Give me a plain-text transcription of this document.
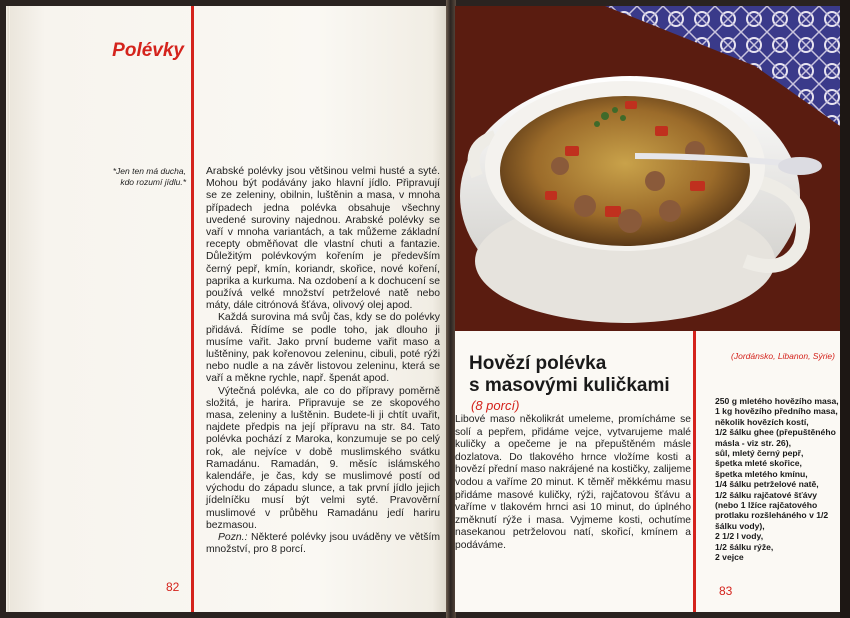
Polévky
*Jen ten má ducha, kdo rozumí jídlu.*

Arabské polévky jsou většinou velmi husté a syté. Mohou být podávány jako hlavní jídlo. Připravují se ze zeleniny, obilnin, luštěnin a masa, v mnoha případech jedna polévka obsahuje všechny uvedené suroviny najednou. Arabské polévky se vaří v mnoha variantách, a tak můžeme základní recepty obměňovat dle vlastní chuti a fantazie. Důležitým polévkovým kořením je především černý pepř, kmín, koriandr, skořice, nové koření, paprika a kurkuma. Na ozdobení a k dochucení se používá velké množství petrželové natě nebo máty, dále citrónová šťáva, olivový olej apod.

Každá surovina má svůj čas, kdy se do polévky přidává. Řídíme se podle toho, jak dlouho ji musíme vařit. Jako první budeme vařit maso a luštěniny, pak kořenovou zeleninu, cibuli, poté rýži nebo nudle a na závěr listovou zeleninu, která se vaří a měkne rychle, např. špenát apod.

Výtečná polévka, ale co do přípravy poměrně složitá, je harira. Připravuje se ze skopového masa, zeleniny a luštěnin. Budete-li ji chtít uvařit, najdete předpis na její přípravu na str. 84. Tato polévka pochází z Maroka, konzumuje se po celý rok, ale nejvíce v době muslimského svátku Ramadánu. Ramadán, 9. měsíc islámského kalendáře, je čas, kdy se muslimové postí od východu do západu slunce, a tak první jídlo jejich jídelníčku musí být velmi syté. Pravověrní muslimové v průběhu Ramadánu jedí hariru bezmasou.

Pozn.: Některé polévky jsou uváděny ve větším množství, pro 8 porcí.

82
Hovězí polévka
s masovými kuličkami
(8 porcí)
Libové maso několikrát umeleme, promícháme se solí a pepřem, přidáme vejce, vytvarujeme malé kuličky a opečeme je na přepuštěném másle dozlatova. Do tlakového hrnce vložíme kosti a hovězí přední maso nakrájené na kostičky, zalijeme vodou a vaříme 20 minut. K těměř měkkému masu přidáme masové kuličky, rýži, rajčatovou šťávu a vaříme v tlakovém hrnci asi 10 minut, do úplného změknutí rýže i masa. Vyjmeme kosti, ochutíme nasekanou petrželovou natí, skořicí, kmínem a podáváme.
(Jordánsko, Libanon, Sýrie)
250 g mletého hovězího masa,
1 kg hovězího předního masa,
několik hovězích kostí,
1/2 šálku ghee (přepuštěného másla - viz str. 26),
sůl, mletý černý pepř,
špetka mleté skořice,
špetka mletého kmínu,
1/4 šálku petrželové natě,
1/2 šálku rajčatové šťávy (nebo 1 lžíce rajčatového protlaku rozšleháného v 1/2 šálku vody),
2 1/2 l vody,
1/2 šálku rýže,
2 vejce
83
